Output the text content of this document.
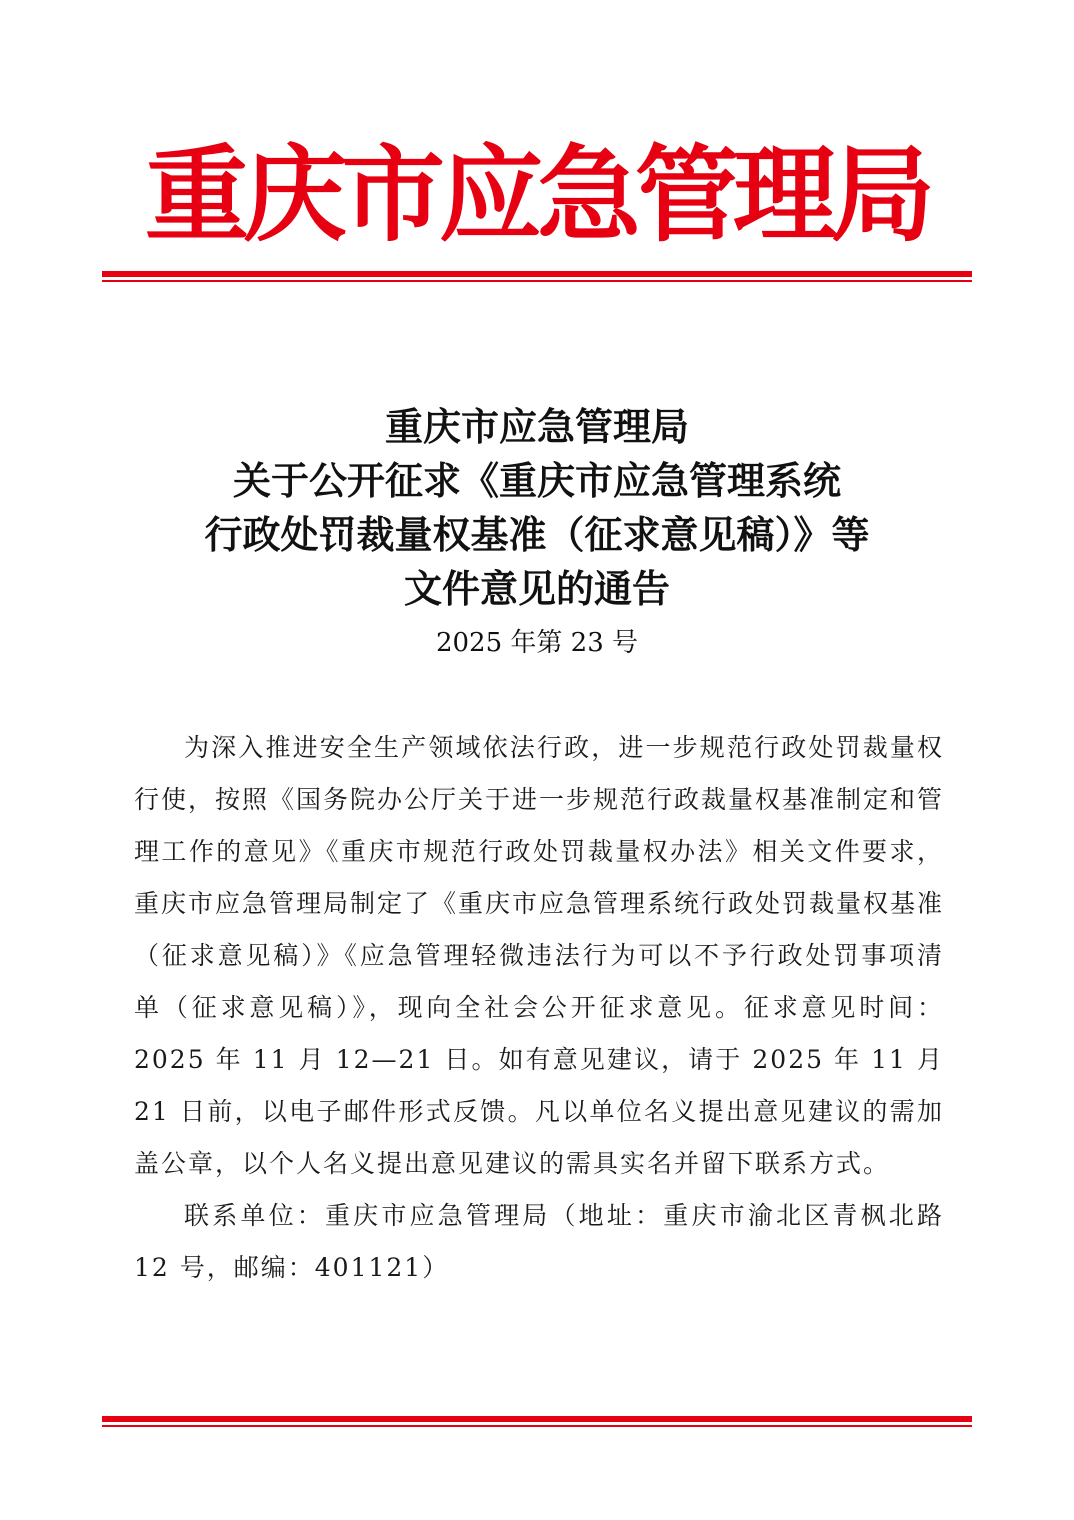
重庆市应急管理局
重庆市应急管理局
关于公开征求《重庆市应急管理系统
行政处罚裁量权基准（征求意见稿）》等
文件意见的通告
2025 年第 23 号

为深入推进安全生产领域依法行政，进一步规范行政处罚裁量权行使，按照《国务院办公厅关于进一步规范行政裁量权基准制定和管理工作的意见》《重庆市规范行政处罚裁量权办法》相关文件要求，重庆市应急管理局制定了《重庆市应急管理系统行政处罚裁量权基准（征求意见稿）》《应急管理轻微违法行为可以不予行政处罚事项清单（征求意见稿）》，现向全社会公开征求意见。征求意见时间：2025 年 11 月 12—21 日。如有意见建议，请于 2025 年 11 月 21 日前，以电子邮件形式反馈。凡以单位名义提出意见建议的需加盖公章，以个人名义提出意见建议的需具实名并留下联系方式。

联系单位：重庆市应急管理局（地址：重庆市渝北区青枫北路 12 号，邮编：401121）
